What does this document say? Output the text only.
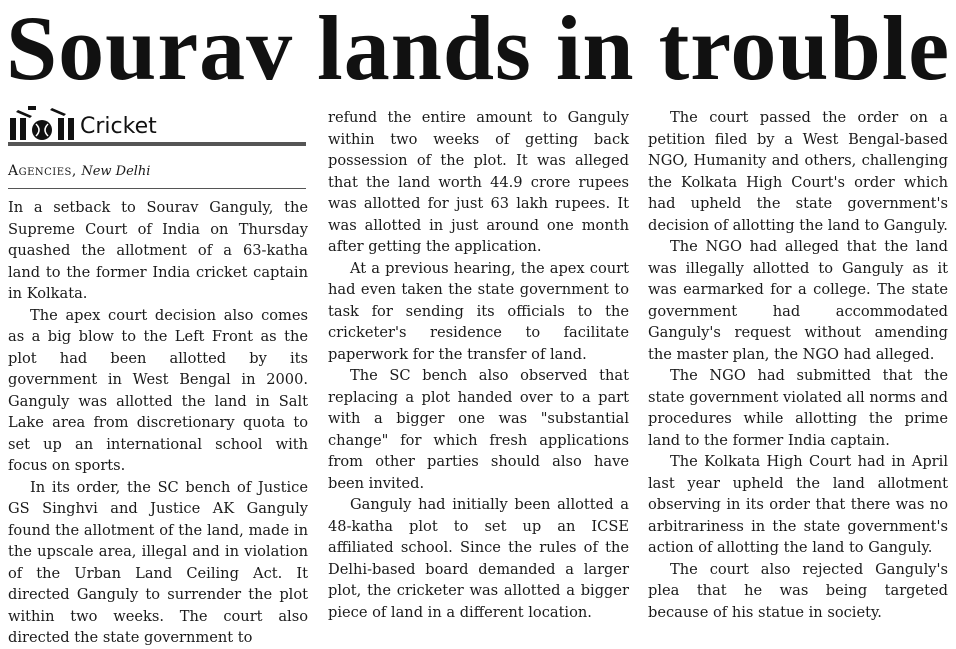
Sourav lands in trouble
Cricket
Agencies, New Delhi

In a setback to Sourav Ganguly, the Supreme Court of India on Thursday quashed the allotment of a 63-katha land to the former India cricket captain in Kolkata.

The apex court decision also comes as a big blow to the Left Front as the plot had been allotted by its government in West Bengal in 2000. Ganguly was allotted the land in Salt Lake area from discretionary quota to set up an international school with focus on sports.

In its order, the SC bench of Justice GS Singhvi and Justice AK Ganguly found the allotment of the land, made in the upscale area, illegal and in violation of the Urban Land Ceiling Act. It directed Ganguly to surrender the plot within two weeks. The court also directed the state government to

refund the entire amount to Ganguly within two weeks of getting back possession of the plot. It was alleged that the land worth 44.9 crore rupees was allotted for just 63 lakh rupees. It was allotted in just around one month after getting the application.

At a previous hearing, the apex court had even taken the state government to task for sending its officials to the cricketer's residence to facilitate paperwork for the transfer of land.

The SC bench also observed that replacing a plot handed over to a part with a bigger one was "substantial change" for which fresh applications from other parties should also have been invited.

Ganguly had initially been allotted a 48-katha plot to set up an ICSE affiliated school. Since the rules of the Delhi-based board demanded a larger plot, the cricketer was allotted a bigger piece of land in a different location.

The court passed the order on a petition filed by a West Bengal-based NGO, Humanity and others, challenging the Kolkata High Court's order which had upheld the state government's decision of allotting the land to Ganguly.

The NGO had alleged that the land was illegally allotted to Ganguly as it was earmarked for a college. The state government had accommodated Ganguly's request without amending the master plan, the NGO had alleged.

The NGO had submitted that the state government violated all norms and procedures while allotting the prime land to the former India captain.

The Kolkata High Court had in April last year upheld the land allotment observing in its order that there was no arbitrariness in the state government's action of allotting the land to Ganguly.

The court also rejected Ganguly's plea that he was being targeted because of his statue in society.
